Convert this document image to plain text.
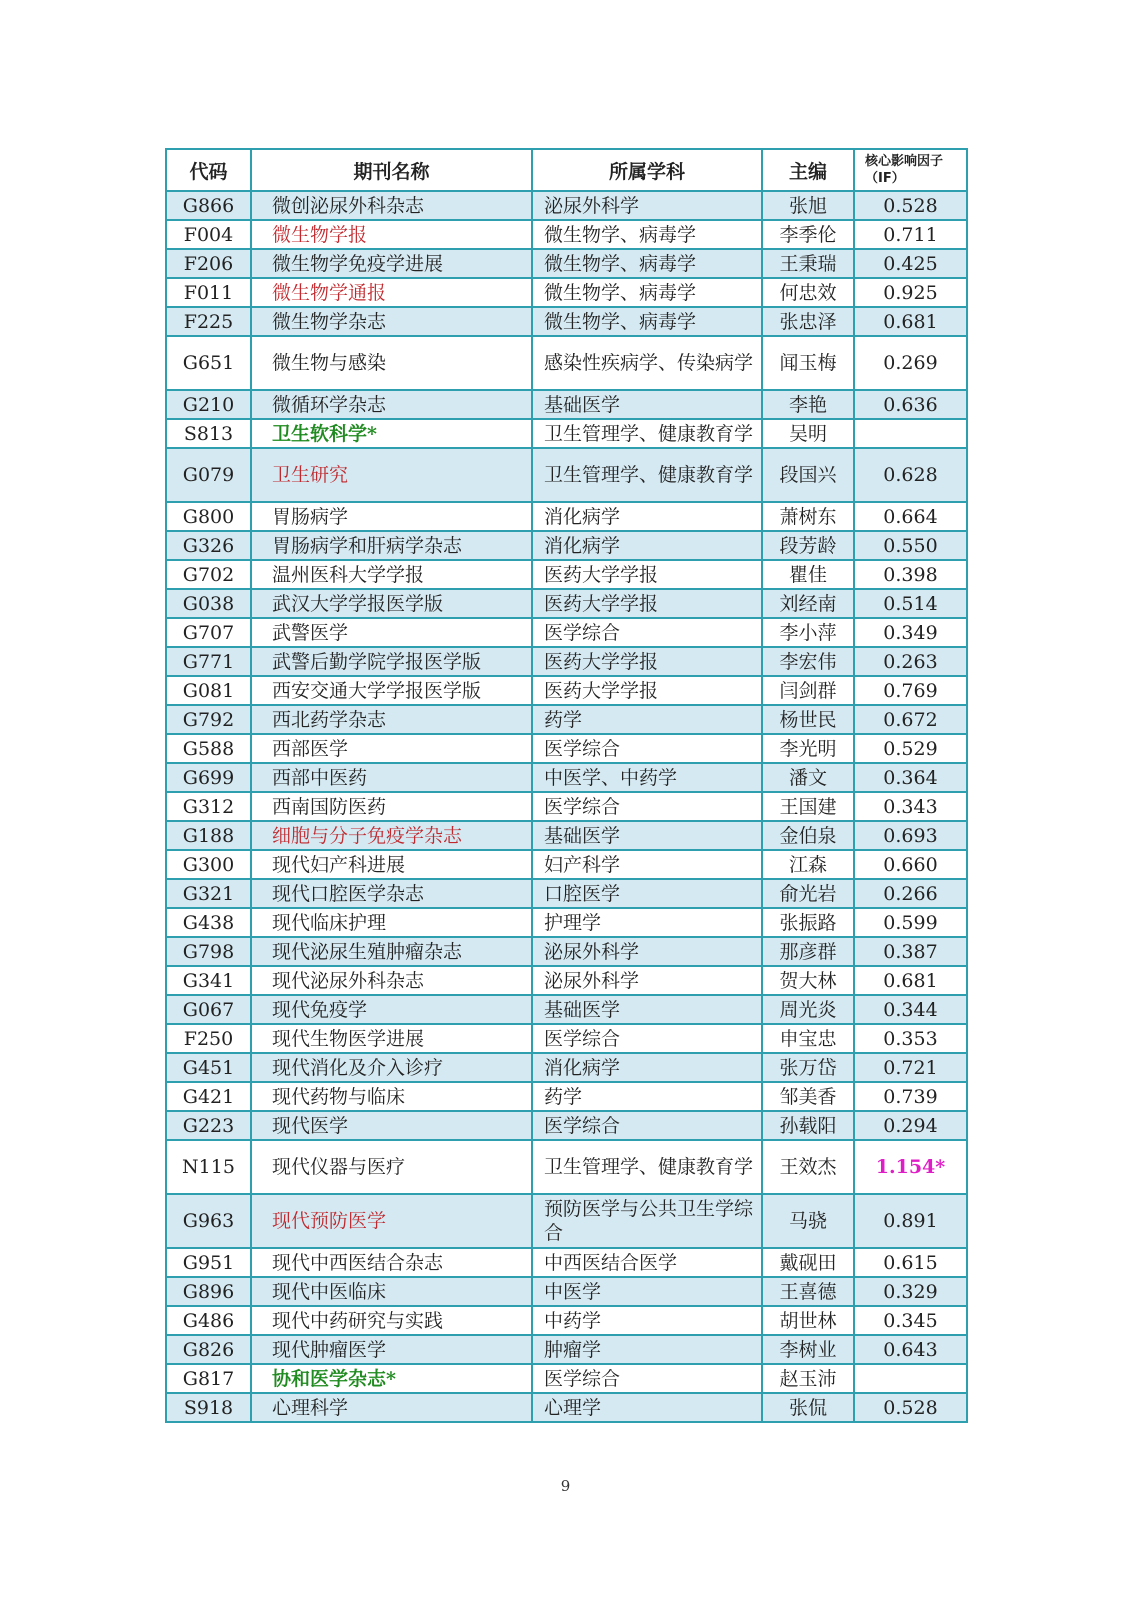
代码	期刊名称	所属学科	主编	核心影响因子（IF）
G866	微创泌尿外科杂志	泌尿外科学	张旭	0.528
F004	微生物学报	微生物学、病毒学	李季伦	0.711
F206	微生物学免疫学进展	微生物学、病毒学	王秉瑞	0.425
F011	微生物学通报	微生物学、病毒学	何忠效	0.925
F225	微生物学杂志	微生物学、病毒学	张忠泽	0.681
G651	微生物与感染	感染性疾病学、传染病学	闻玉梅	0.269
G210	微循环学杂志	基础医学	李艳	0.636
S813	卫生软科学*	卫生管理学、健康教育学	吴明	
G079	卫生研究	卫生管理学、健康教育学	段国兴	0.628
G800	胃肠病学	消化病学	萧树东	0.664
G326	胃肠病学和肝病学杂志	消化病学	段芳龄	0.550
G702	温州医科大学学报	医药大学学报	瞿佳	0.398
G038	武汉大学学报医学版	医药大学学报	刘经南	0.514
G707	武警医学	医学综合	李小萍	0.349
G771	武警后勤学院学报医学版	医药大学学报	李宏伟	0.263
G081	西安交通大学学报医学版	医药大学学报	闫剑群	0.769
G792	西北药学杂志	药学	杨世民	0.672
G588	西部医学	医学综合	李光明	0.529
G699	西部中医药	中医学、中药学	潘文	0.364
G312	西南国防医药	医学综合	王国建	0.343
G188	细胞与分子免疫学杂志	基础医学	金伯泉	0.693
G300	现代妇产科进展	妇产科学	江森	0.660
G321	现代口腔医学杂志	口腔医学	俞光岩	0.266
G438	现代临床护理	护理学	张振路	0.599
G798	现代泌尿生殖肿瘤杂志	泌尿外科学	那彦群	0.387
G341	现代泌尿外科杂志	泌尿外科学	贺大林	0.681
G067	现代免疫学	基础医学	周光炎	0.344
F250	现代生物医学进展	医学综合	申宝忠	0.353
G451	现代消化及介入诊疗	消化病学	张万岱	0.721
G421	现代药物与临床	药学	邹美香	0.739
G223	现代医学	医学综合	孙载阳	0.294
N115	现代仪器与医疗	卫生管理学、健康教育学	王效杰	1.154*
G963	现代预防医学	预防医学与公共卫生学综合	马骁	0.891
G951	现代中西医结合杂志	中西医结合医学	戴砚田	0.615
G896	现代中医临床	中医学	王喜德	0.329
G486	现代中药研究与实践	中药学	胡世林	0.345
G826	现代肿瘤医学	肿瘤学	李树业	0.643
G817	协和医学杂志*	医学综合	赵玉沛	
S918	心理科学	心理学	张侃	0.528
9
